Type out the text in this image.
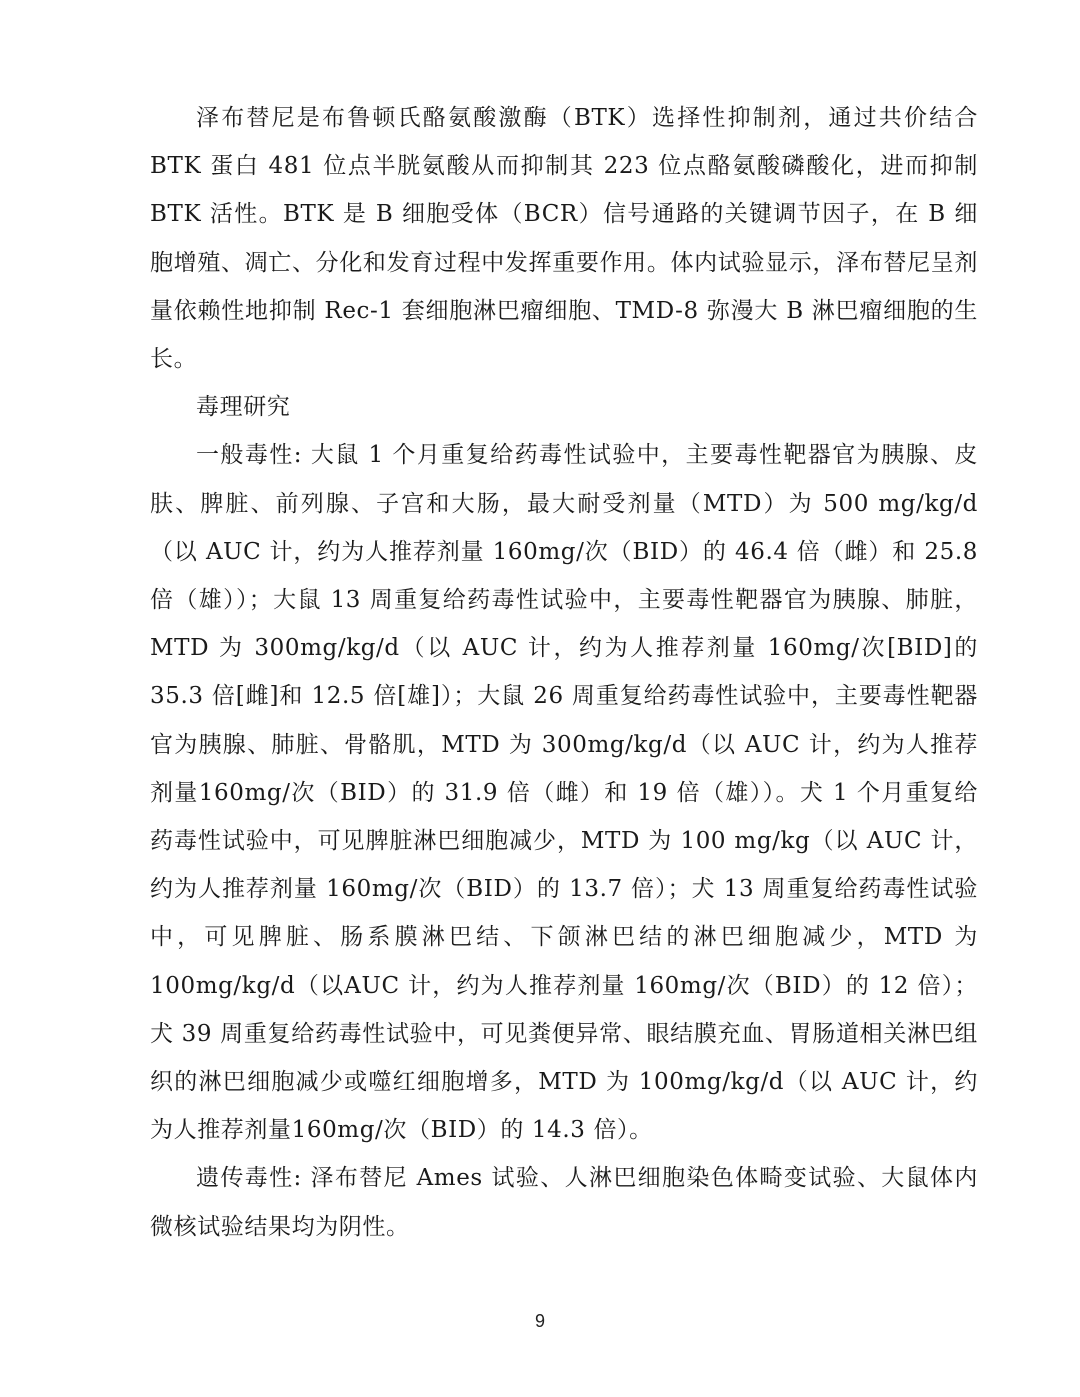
泽布替尼是布鲁顿氏酪氨酸激酶（BTK）选择性抑制剂，通过共价结合BTK 蛋白 481 位点半胱氨酸从而抑制其 223 位点酪氨酸磷酸化，进而抑制BTK 活性。BTK 是 B 细胞受体（BCR）信号通路的关键调节因子，在 B 细胞增殖、凋亡、分化和发育过程中发挥重要作用。体内试验显示，泽布替尼呈剂量依赖性地抑制 Rec-1 套细胞淋巴瘤细胞、TMD-8 弥漫大 B 淋巴瘤细胞的生长。

毒理研究

一般毒性: 大鼠 1 个月重复给药毒性试验中，主要毒性靶器官为胰腺、皮肤、脾脏、前列腺、子宫和大肠，最大耐受剂量（MTD）为 500 mg/kg/d（以 AUC 计，约为人推荐剂量 160mg/次（BID）的 46.4 倍（雌）和 25.8 倍（雄））；大鼠 13 周重复给药毒性试验中，主要毒性靶器官为胰腺、肺脏，MTD 为 300mg/kg/d（以 AUC 计，约为人推荐剂量 160mg/次[BID]的 35.3 倍[雌]和 12.5 倍[雄]）；大鼠 26 周重复给药毒性试验中，主要毒性靶器官为胰腺、肺脏、骨骼肌，MTD 为 300mg/kg/d（以 AUC 计，约为人推荐剂量160mg/次（BID）的 31.9 倍（雌）和 19 倍（雄））。犬 1 个月重复给药毒性试验中，可见脾脏淋巴细胞减少，MTD 为 100 mg/kg（以 AUC 计，约为人推荐剂量 160mg/次（BID）的 13.7 倍）；犬 13 周重复给药毒性试验中，可见脾脏、肠系膜淋巴结、下颌淋巴结的淋巴细胞减少，MTD 为 100mg/kg/d（以AUC 计，约为人推荐剂量 160mg/次（BID）的 12 倍）；犬 39 周重复给药毒性试验中，可见粪便异常、眼结膜充血、胃肠道相关淋巴组织的淋巴细胞减少或噬红细胞增多，MTD 为 100mg/kg/d（以 AUC 计，约为人推荐剂量160mg/次（BID）的 14.3 倍）。

遗传毒性: 泽布替尼 Ames 试验、人淋巴细胞染色体畸变试验、大鼠体内微核试验结果均为阴性。

9
